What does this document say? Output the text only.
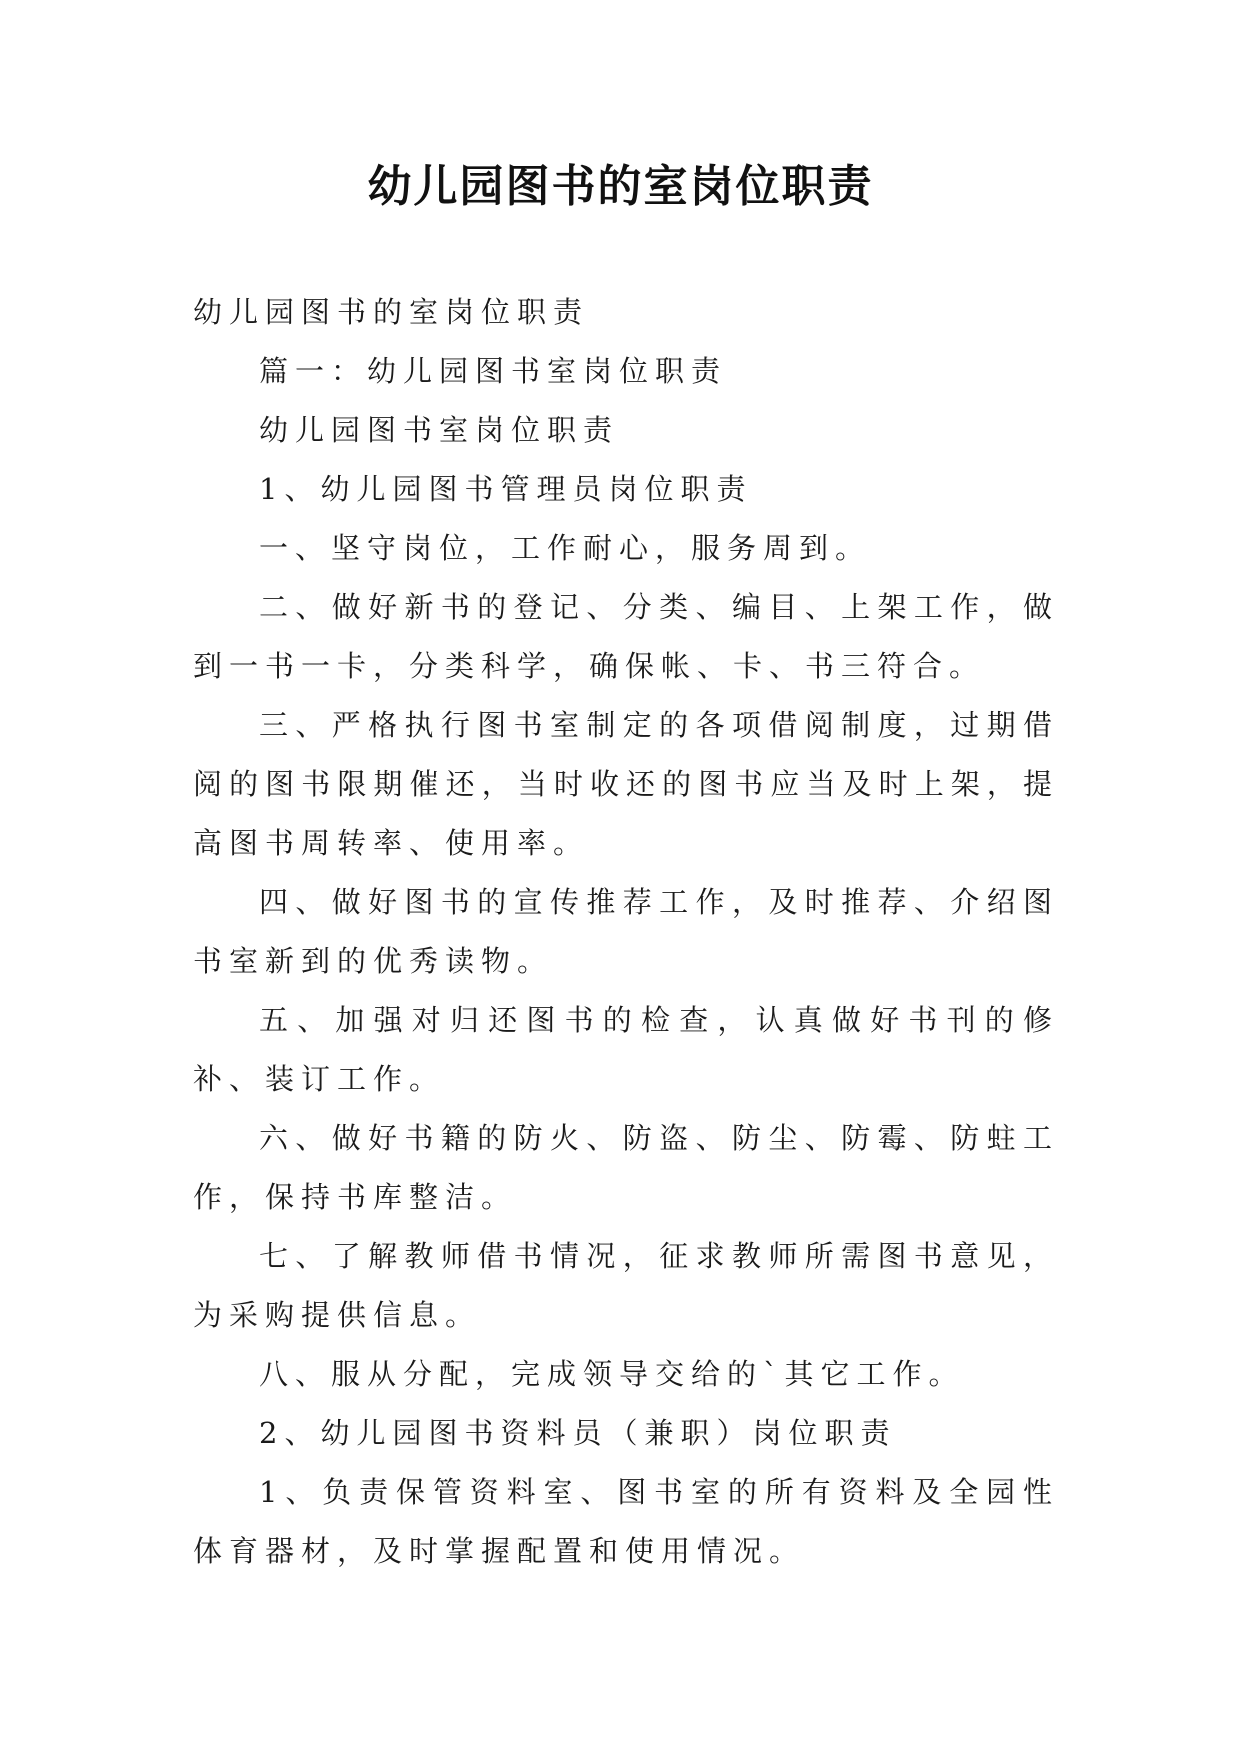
幼儿园图书的室岗位职责

幼儿园图书的室岗位职责

篇一：幼儿园图书室岗位职责

幼儿园图书室岗位职责

1、幼儿园图书管理员岗位职责

一、坚守岗位，工作耐心，服务周到。

二、做好新书的登记、分类、编目、上架工作，做到一书一卡，分类科学，确保帐、卡、书三符合。

三、严格执行图书室制定的各项借阅制度，过期借阅的图书限期催还，当时收还的图书应当及时上架，提高图书周转率、使用率。

四、做好图书的宣传推荐工作，及时推荐、介绍图书室新到的优秀读物。

五、加强对归还图书的检查，认真做好书刊的修补、装订工作。

六、做好书籍的防火、防盗、防尘、防霉、防蛀工作，保持书库整洁。

七、了解教师借书情况，征求教师所需图书意见，为采购提供信息。

八、服从分配，完成领导交给的`其它工作。

2、幼儿园图书资料员（兼职）岗位职责

1、负责保管资料室、图书室的所有资料及全园性体育器材，及时掌握配置和使用情况。
